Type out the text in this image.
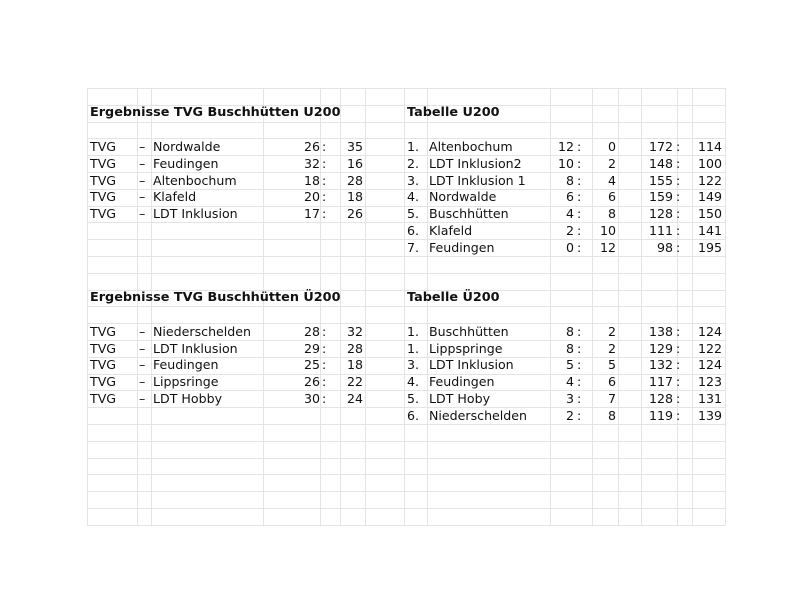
Ergebnisse TVG Buschhütten U200	Tabelle U200
TVG – Nordwalde	26 : 35
TVG – Feudingen	32 : 16
TVG – Altenbochum	18 : 28
TVG – Klafeld	20 : 18
TVG – LDT Inklusion	17 : 26
1. Altenbochum	12 : 0	172 : 114
2. LDT Inklusion2	10 : 2	148 : 100
3. LDT Inklusion 1	8 : 4	155 : 122
4. Nordwalde	6 : 6	159 : 149
5. Buschhütten	4 : 8	128 : 150
6. Klafeld	2 : 10	111 : 141
7. Feudingen	0 : 12	98 : 195
Ergebnisse TVG Buschhütten Ü200	Tabelle Ü200
TVG – Niederschelden	28 : 32
TVG – LDT Inklusion	29 : 28
TVG – Feudingen	25 : 18
TVG – Lippsringe	26 : 22
TVG – LDT Hobby	30 : 24
1. Buschhütten	8 : 2	138 : 124
1. Lippspringe	8 : 2	129 : 122
3. LDT Inklusion	5 : 5	132 : 124
4. Feudingen	4 : 6	117 : 123
5. LDT Hoby	3 : 7	128 : 131
6. Niederschelden	2 : 8	119 : 139
